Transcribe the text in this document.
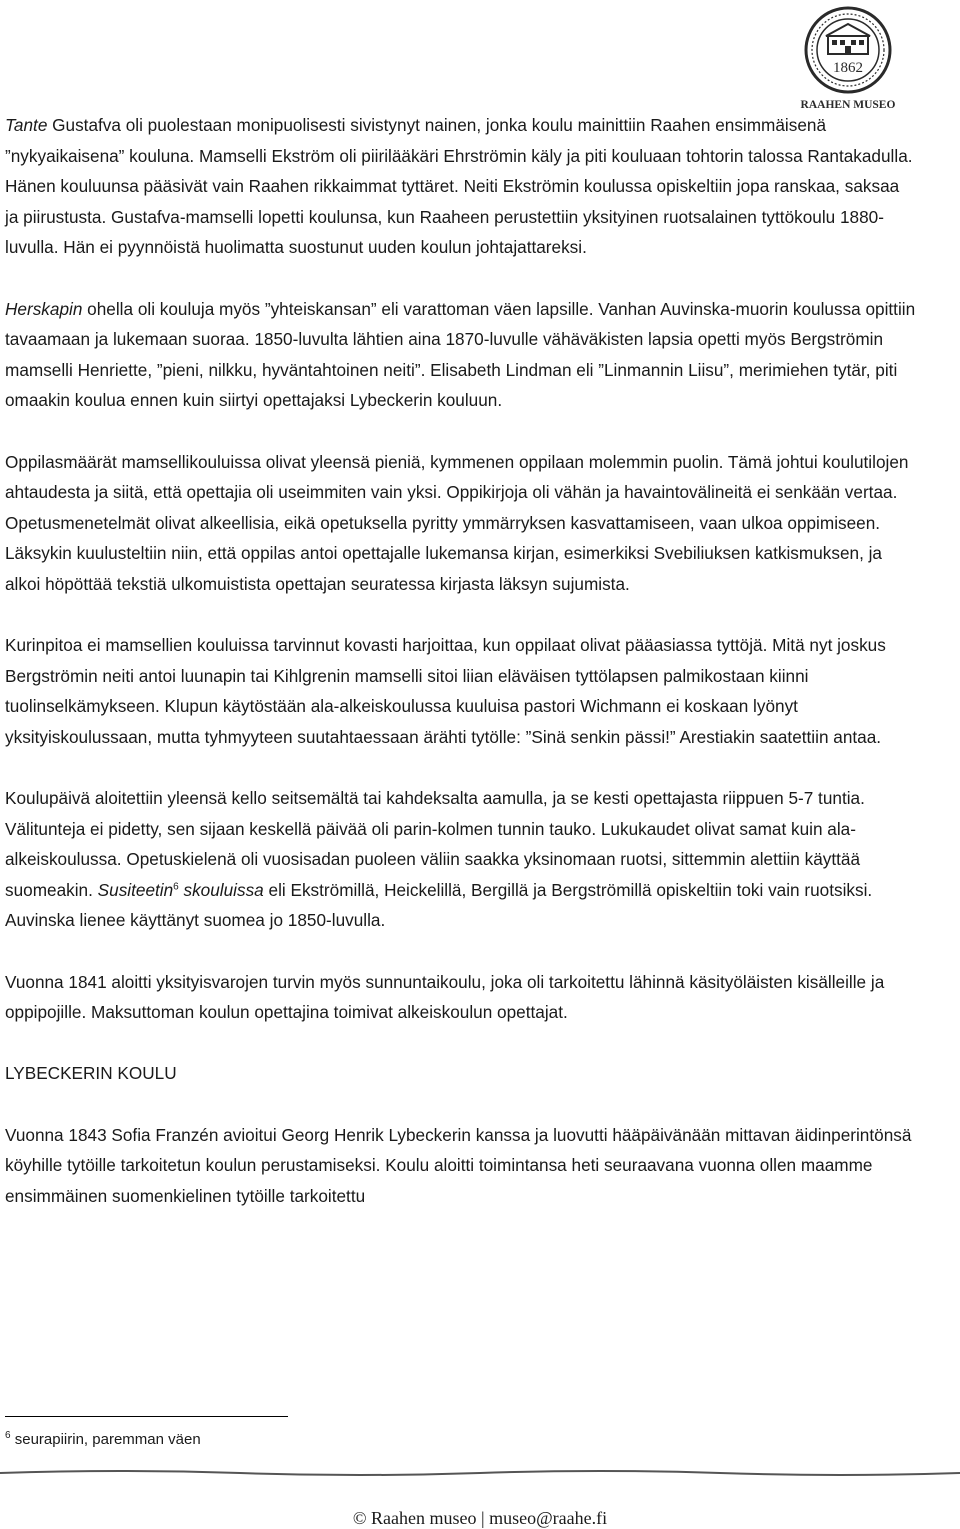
1862
RAAHEN MUSEO

Tante Gustafva oli puolestaan monipuolisesti sivistynyt nainen, jonka koulu mainittiin Raahen ensimmäisenä ”nykyaikaisena” kouluna. Mamselli Ekström oli piirilääkäri Ehrströmin käly ja piti kouluaan tohtorin talossa Rantakadulla. Hänen kouluunsa pääsivät vain Raahen rikkaimmat tyttäret. Neiti Ekströmin koulussa opiskeltiin jopa ranskaa, saksaa ja piirustusta. Gustafva-mamselli lopetti koulunsa, kun Raaheen perustettiin yksityinen ruotsalainen tyttökoulu 1880-luvulla. Hän ei pyynnöistä huolimatta suostunut uuden koulun johtajattareksi.

Herskapin ohella oli kouluja myös ”yhteiskansan” eli varattoman väen lapsille. Vanhan Auvinska-muorin koulussa opittiin tavaamaan ja lukemaan suoraa. 1850-luvulta lähtien aina 1870-luvulle vähäväkisten lapsia opetti myös Bergströmin mamselli Henriette, ”pieni, nilkku, hyväntahtoinen neiti”. Elisabeth Lindman eli ”Linmannin Liisu”, merimiehen tytär, piti omaakin koulua ennen kuin siirtyi opettajaksi Lybeckerin kouluun.

Oppilasmäärät mamsellikouluissa olivat yleensä pieniä, kymmenen oppilaan molemmin puolin. Tämä johtui koulutilojen ahtaudesta ja siitä, että opettajia oli useimmiten vain yksi. Oppikirjoja oli vähän ja havaintovälineitä ei senkään vertaa. Opetusmenetelmät olivat alkeellisia, eikä opetuksella pyritty ymmärryksen kasvattamiseen, vaan ulkoa oppimiseen. Läksykin kuulusteltiin niin, että oppilas antoi opettajalle lukemansa kirjan, esimerkiksi Svebiliuksen katkismuksen, ja alkoi höpöttää tekstiä ulkomuistista opettajan seuratessa kirjasta läksyn sujumista.

Kurinpitoa ei mamsellien kouluissa tarvinnut kovasti harjoittaa, kun oppilaat olivat pääasiassa tyttöjä. Mitä nyt joskus Bergströmin neiti antoi luunapin tai Kihlgrenin mamselli sitoi liian eläväisen tyttölapsen palmikostaan kiinni tuolinselkämykseen. Klupun käytöstään ala-alkeiskoulussa kuuluisa pastori Wichmann ei koskaan lyönyt yksityiskoulussaan, mutta tyhmyyteen suutahtaessaan ärähti tytölle: ”Sinä senkin pässi!” Arestiakin saatettiin antaa.

Koulupäivä aloitettiin yleensä kello seitsemältä tai kahdeksalta aamulla, ja se kesti opettajasta riippuen 5-7 tuntia. Välitunteja ei pidetty, sen sijaan keskellä päivää oli parin-kolmen tunnin tauko. Lukukaudet olivat samat kuin ala-alkeiskoulussa. Opetuskielenä oli vuosisadan puoleen väliin saakka yksinomaan ruotsi, sittemmin alettiin käyttää suomeakin. Susiteetin$^6$ skouluissa eli Ekströmillä, Heickelillä, Bergillä ja Bergströmillä opiskeltiin toki vain ruotsiksi. Auvinska lienee käyttänyt suomea jo 1850-luvulla.

Vuonna 1841 aloitti yksityisvarojen turvin myös sunnuntaikoulu, joka oli tarkoitettu lähinnä käsityöläisten kisälleille ja oppipojille. Maksuttoman koulun opettajina toimivat alkeiskoulun opettajat.

LYBECKERIN KOULU

Vuonna 1843 Sofia Franzén avioitui Georg Henrik Lybeckerin kanssa ja luovutti hääpäivänään mittavan äidinperintönsä köyhille tytöille tarkoitetun koulun perustamiseksi. Koulu aloitti toimintansa heti seuraavana vuonna ollen maamme ensimmäinen suomenkielinen tytöille tarkoitettu

$^6$ seurapiirin, paremman väen
© Raahen museo | museo@raahe.fi
